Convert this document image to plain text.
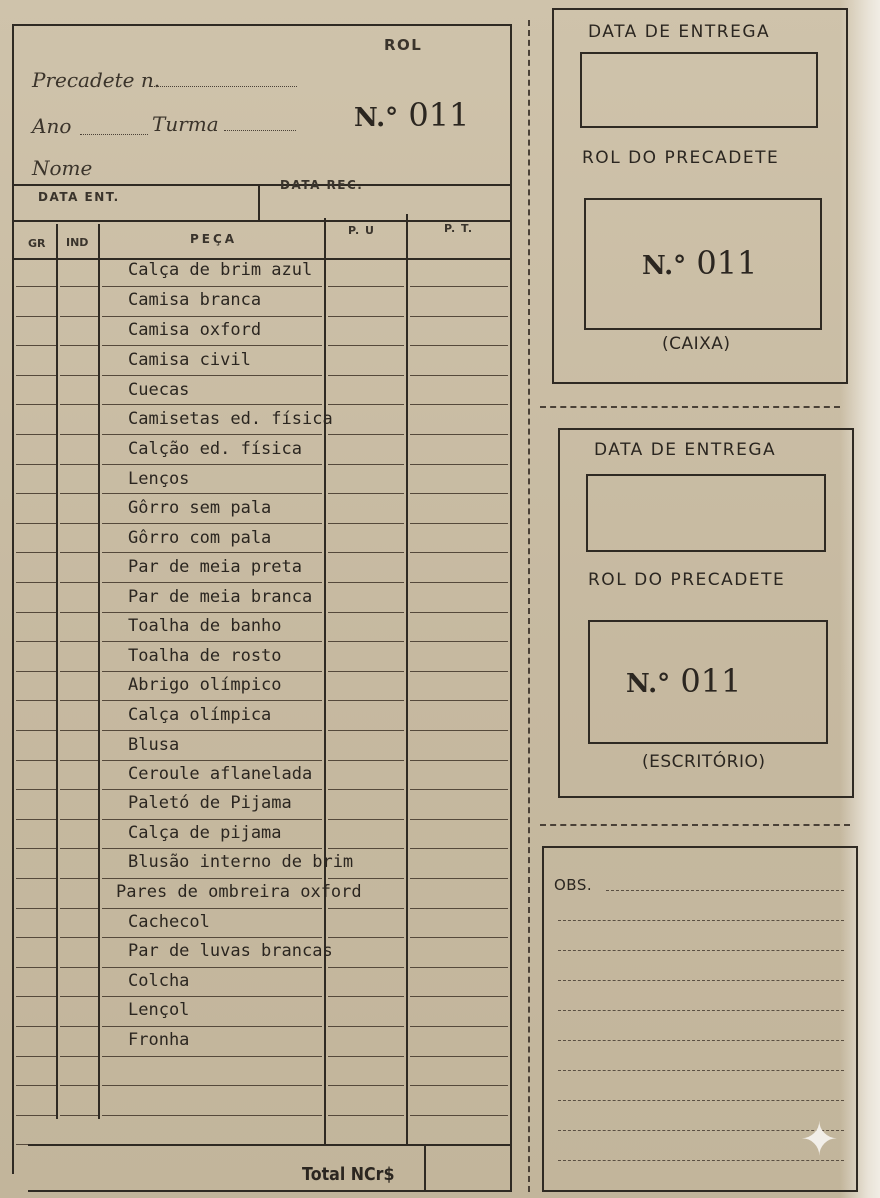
ROL
Precadete n.
Ano	Turma	N.° 011
Nome
DATA ENT.
DATA REC.
GR IND	PEÇA
P. U	P. T.
Calça de brim azul
Camisa branca
Camisa oxford
Camisa civil
Cuecas
Camisetas ed. física
Calção ed. física
Lenços
Gôrro sem pala
Gôrro com pala
Par de meia preta
Par de meia branca
Toalha de banho
Toalha de rosto
Abrigo olímpico
Calça olímpica
Blusa
Ceroule aflanelada
Paletó de Pijama
Calça de pijama
Blusão interno de brim
Pares de ombreira oxford
Cachecol
Par de luvas brancas
Colcha
Lençol
Fronha
Total NCr$
DATA DE ENTREGA
ROL DO PRECADETE
N.° 011
(CAIXA)
DATA DE ENTREGA
ROL DO PRECADETE
N.° 011
(ESCRITÓRIO)
OBS.
✦
